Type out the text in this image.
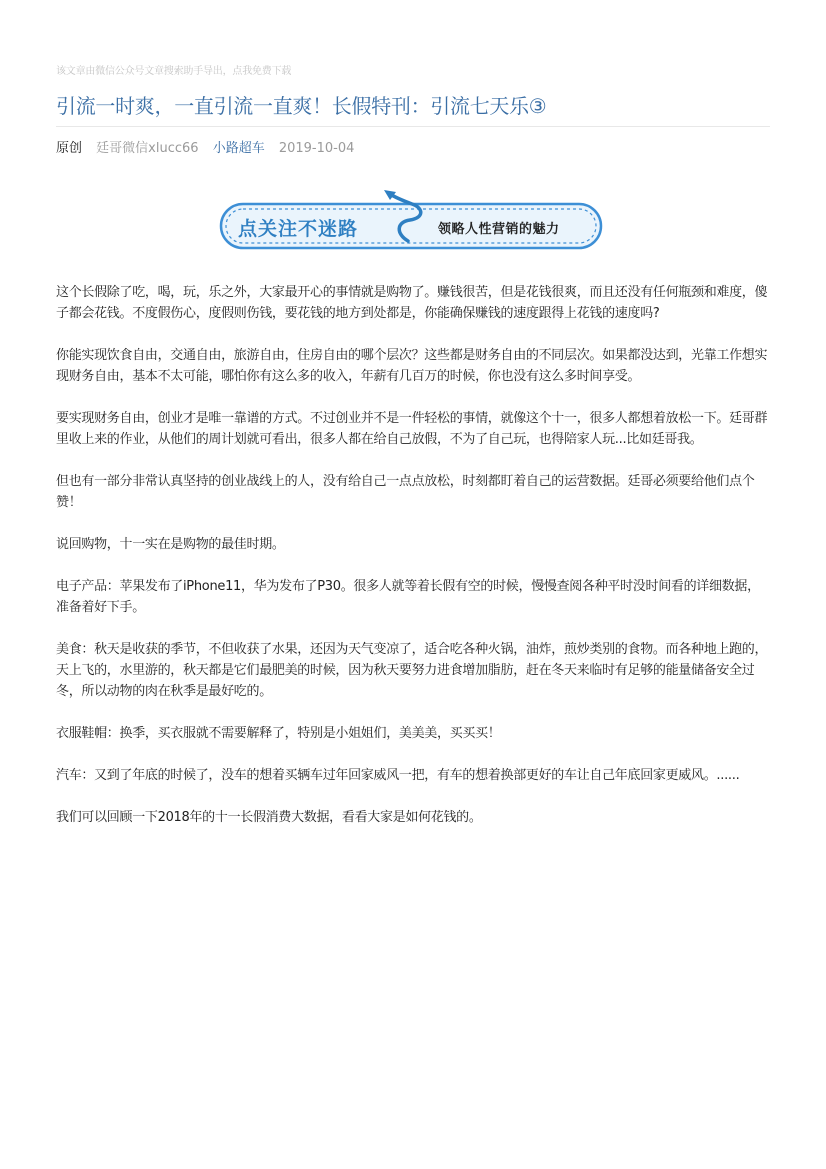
该文章由微信公众号文章搜索助手导出，点我免费下载
引流一时爽，一直引流一直爽！长假特刊：引流七天乐③
原创 廷哥微信xlucc66 小路超车 2019-10-04
点关注不迷路	领略人性营销的魅力

这个长假除了吃，喝，玩，乐之外，大家最开心的事情就是购物了。赚钱很苦，但是花钱很爽，而且还没有任何瓶颈和难度，傻子都会花钱。不度假伤心，度假则伤钱，要花钱的地方到处都是，你能确保赚钱的速度跟得上花钱的速度吗?

你能实现饮食自由，交通自由，旅游自由，住房自由的哪个层次？这些都是财务自由的不同层次。如果都没达到，光靠工作想实现财务自由，基本不太可能，哪怕你有这么多的收入，年薪有几百万的时候，你也没有这么多时间享受。

要实现财务自由，创业才是唯一靠谱的方式。不过创业并不是一件轻松的事情，就像这个十一，很多人都想着放松一下。廷哥群里收上来的作业，从他们的周计划就可看出，很多人都在给自己放假，不为了自己玩，也得陪家人玩...比如廷哥我。

但也有一部分非常认真坚持的创业战线上的人，没有给自己一点点放松，时刻都盯着自己的运营数据。廷哥必须要给他们点个赞！

说回购物，十一实在是购物的最佳时期。

电子产品：苹果发布了iPhone11，华为发布了P30。很多人就等着长假有空的时候，慢慢查阅各种平时没时间看的详细数据，准备着好下手。

美食：秋天是收获的季节，不但收获了水果，还因为天气变凉了，适合吃各种火锅，油炸，煎炒类别的食物。而各种地上跑的，天上飞的，水里游的，秋天都是它们最肥美的时候，因为秋天要努力进食增加脂肪，赶在冬天来临时有足够的能量储备安全过冬，所以动物的肉在秋季是最好吃的。

衣服鞋帽：换季，买衣服就不需要解释了，特别是小姐姐们，美美美，买买买！

汽车：又到了年底的时候了，没车的想着买辆车过年回家威风一把，有车的想着换部更好的车让自己年底回家更威风。......

我们可以回顾一下2018年的十一长假消费大数据，看看大家是如何花钱的。
